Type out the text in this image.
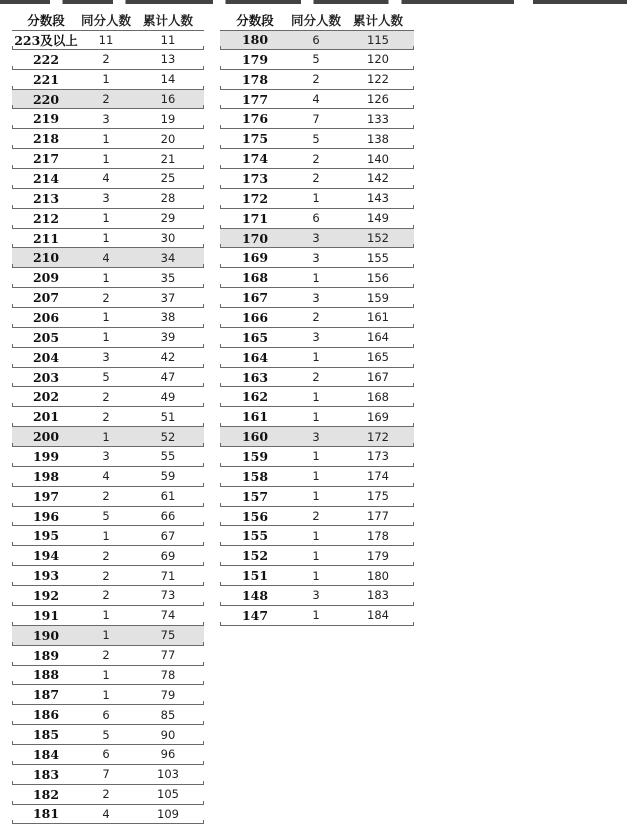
分数段	同分人数 累计人数
223及以上	11	11
222	2	13
221	1	14
220	2	16
219	3	19
218	1	20
217	1	21
214	4	25
213	3	28
212	1	29
211	1	30
210	4	34
209	1	35
207	2	37
206	1	38
205	1	39
204	3	42
203	5	47
202	2	49
201	2	51
200	1	52
199	3	55
198	4	59
197	2	61
196	5	66
195	1	67
194	2	69
193	2	71
192	2	73
191	1	74
190	1	75
189	2	77
188	1	78
187	1	79
186	6	85
185	5	90
184	6	96
183	7	103
182	2	105
181	4	109
分数段	同分人数 累计人数
180	6	115
179	5	120
178	2	122
177	4	126
176	7	133
175	5	138
174	2	140
173	2	142
172	1	143
171	6	149
170	3	152
169	3	155
168	1	156
167	3	159
166	2	161
165	3	164
164	1	165
163	2	167
162	1	168
161	1	169
160	3	172
159	1	173
158	1	174
157	1	175
156	2	177
155	1	178
152	1	179
151	1	180
148	3	183
147	1	184
